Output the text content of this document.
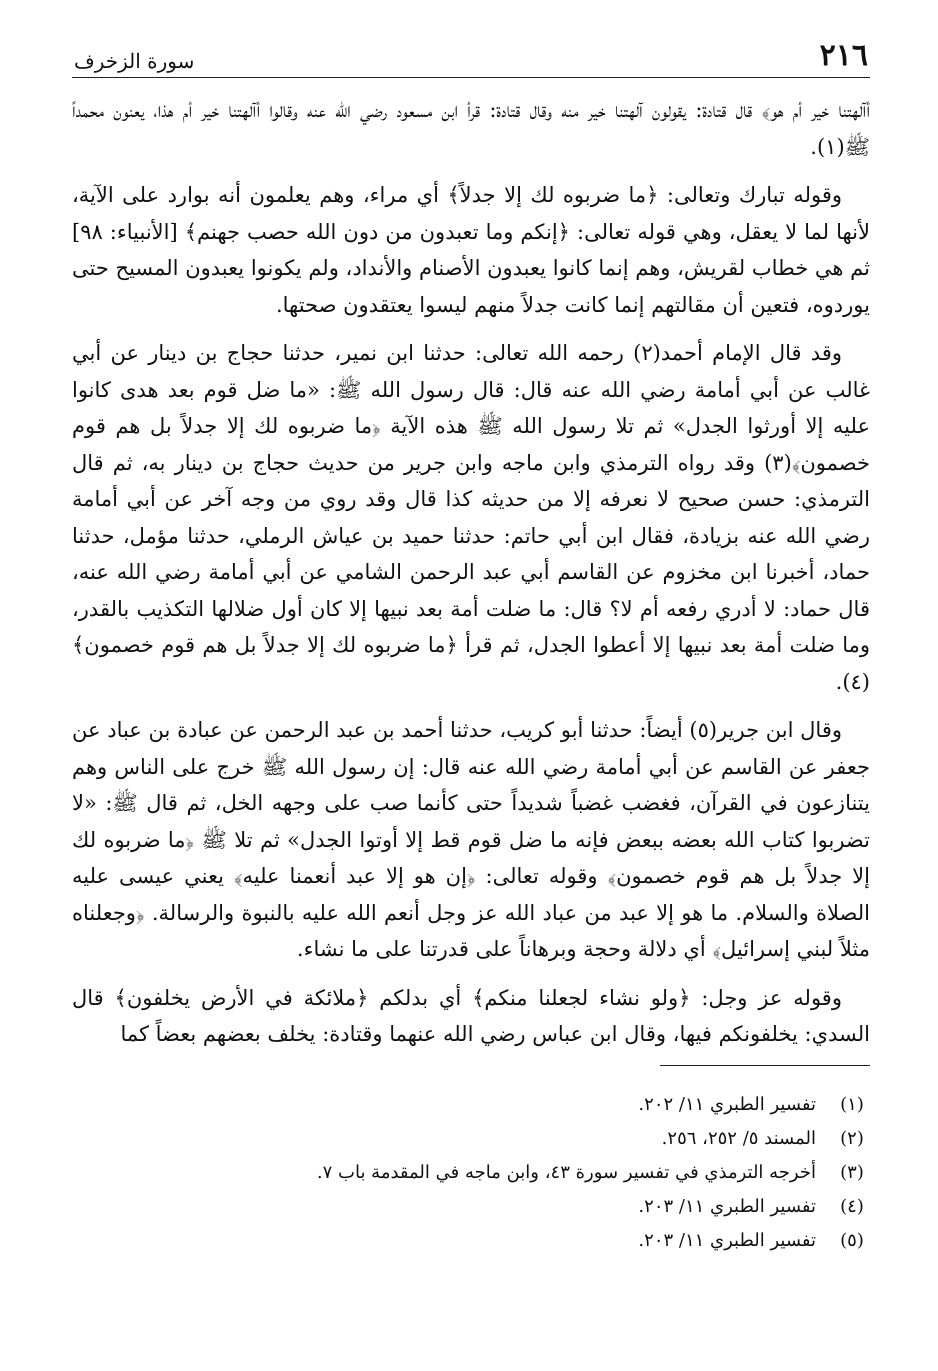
٢١٦
سورة الزخرف

أآلهتنا خير أم هو﴾ قال قتادة: يقولون آلهتنا خير منه وقال قتادة: قرأ ابن مسعود رضي الله عنه وقالوا أآلهتنا خير أم هذا، يعنون محمداً ﷺ(١).

وقوله تبارك وتعالى: ﴿ما ضربوه لك إلا جدلاً﴾ أي مراء، وهم يعلمون أنه بوارد على الآية، لأنها لما لا يعقل، وهي قوله تعالى: ﴿إنكم وما تعبدون من دون الله حصب جهنم﴾ [الأنبياء: ٩٨] ثم هي خطاب لقريش، وهم إنما كانوا يعبدون الأصنام والأنداد، ولم يكونوا يعبدون المسيح حتى يوردوه، فتعين أن مقالتهم إنما كانت جدلاً منهم ليسوا يعتقدون صحتها.

وقد قال الإمام أحمد(٢) رحمه الله تعالى: حدثنا ابن نمير، حدثنا حجاج بن دينار عن أبي غالب عن أبي أمامة رضي الله عنه قال: قال رسول الله ﷺ: «ما ضل قوم بعد هدى كانوا عليه إلا أورثوا الجدل» ثم تلا رسول الله ﷺ هذه الآية ﴿ما ضربوه لك إلا جدلاً بل هم قوم خصمون﴾(٣) وقد رواه الترمذي وابن ماجه وابن جرير من حديث حجاج بن دينار به، ثم قال الترمذي: حسن صحيح لا نعرفه إلا من حديثه كذا قال وقد روي من وجه آخر عن أبي أمامة رضي الله عنه بزيادة، فقال ابن أبي حاتم: حدثنا حميد بن عياش الرملي، حدثنا مؤمل، حدثنا حماد، أخبرنا ابن مخزوم عن القاسم أبي عبد الرحمن الشامي عن أبي أمامة رضي الله عنه، قال حماد: لا أدري رفعه أم لا؟ قال: ما ضلت أمة بعد نبيها إلا كان أول ضلالها التكذيب بالقدر، وما ضلت أمة بعد نبيها إلا أعطوا الجدل، ثم قرأ ﴿ما ضربوه لك إلا جدلاً بل هم قوم خصمون﴾(٤).

وقال ابن جرير(٥) أيضاً: حدثنا أبو كريب، حدثنا أحمد بن عبد الرحمن عن عبادة بن عباد عن جعفر عن القاسم عن أبي أمامة رضي الله عنه قال: إن رسول الله ﷺ خرج على الناس وهم يتنازعون في القرآن، فغضب غضباً شديداً حتى كأنما صب على وجهه الخل، ثم قال ﷺ: «لا تضربوا كتاب الله بعضه ببعض فإنه ما ضل قوم قط إلا أوتوا الجدل» ثم تلا ﷺ ﴿ما ضربوه لك إلا جدلاً بل هم قوم خصمون﴾ وقوله تعالى: ﴿إن هو إلا عبد أنعمنا عليه﴾ يعني عيسى عليه الصلاة والسلام. ما هو إلا عبد من عباد الله عز وجل أنعم الله عليه بالنبوة والرسالة. ﴿وجعلناه مثلاً لبني إسرائيل﴾ أي دلالة وحجة وبرهاناً على قدرتنا على ما نشاء.

وقوله عز وجل: ﴿ولو نشاء لجعلنا منكم﴾ أي بدلكم ﴿ملائكة في الأرض يخلفون﴾ قال السدي: يخلفونكم فيها، وقال ابن عباس رضي الله عنهما وقتادة: يخلف بعضهم بعضاً كما

(١)
تفسير الطبري ١١/ ٢٠٢.
(٢)
المسند ٥/ ٢٥٢، ٢٥٦.
(٣)
أخرجه الترمذي في تفسير سورة ٤٣، وابن ماجه في المقدمة باب ٧.
(٤)
تفسير الطبري ١١/ ٢٠٣.
(٥)
تفسير الطبري ١١/ ٢٠٣.
